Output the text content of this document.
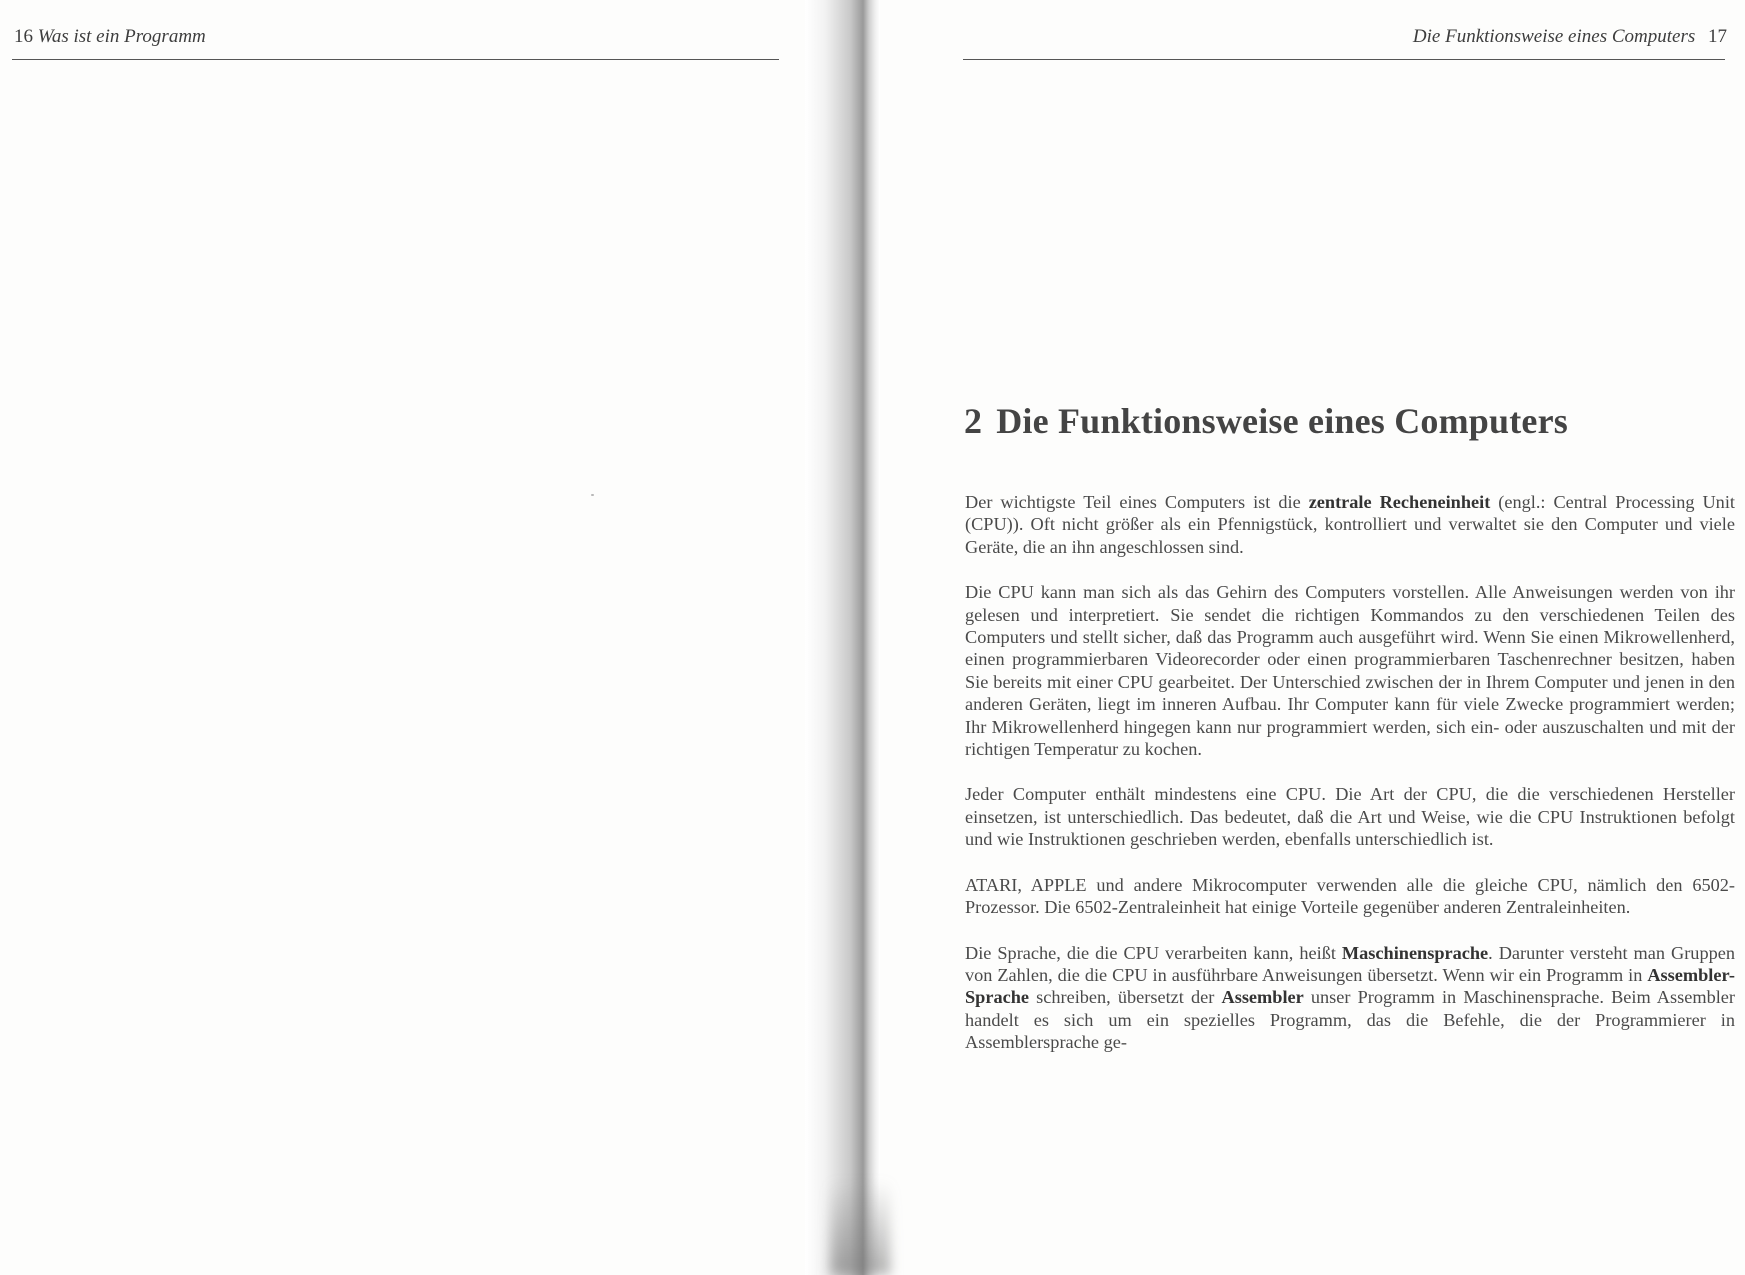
16 Was ist ein Programm	Die Funktionsweise eines Computers 17
2 Die Funktionsweise eines Computers

Der wichtigste Teil eines Computers ist die zentrale Recheneinheit (engl.: Central Processing Unit (CPU)). Oft nicht größer als ein Pfennigstück, kontrolliert und verwaltet sie den Computer und viele Geräte, die an ihn angeschlossen sind.

Die CPU kann man sich als das Gehirn des Computers vorstellen. Alle Anweisungen werden von ihr gelesen und interpretiert. Sie sendet die richtigen Kommandos zu den verschiedenen Teilen des Computers und stellt sicher, daß das Programm auch ausgeführt wird. Wenn Sie einen Mikrowellenherd, einen programmierbaren Videorecorder oder einen programmierbaren Taschenrechner besitzen, haben Sie bereits mit einer CPU gearbeitet. Der Unterschied zwischen der in Ihrem Computer und jenen in den anderen Geräten, liegt im inneren Aufbau. Ihr Computer kann für viele Zwecke programmiert werden; Ihr Mikrowellenherd hingegen kann nur programmiert werden, sich ein- oder auszuschalten und mit der richtigen Temperatur zu kochen.

Jeder Computer enthält mindestens eine CPU. Die Art der CPU, die die verschiedenen Hersteller einsetzen, ist unterschiedlich. Das bedeutet, daß die Art und Weise, wie die CPU Instruktionen befolgt und wie Instruktionen geschrieben werden, ebenfalls unterschiedlich ist.

ATARI, APPLE und andere Mikrocomputer verwenden alle die gleiche CPU, nämlich den 6502-Prozessor. Die 6502-Zentraleinheit hat einige Vorteile gegenüber anderen Zentraleinheiten.

Die Sprache, die die CPU verarbeiten kann, heißt Maschinensprache. Darunter versteht man Gruppen von Zahlen, die die CPU in ausführbare Anweisungen übersetzt. Wenn wir ein Programm in Assembler-Sprache schreiben, übersetzt der Assembler unser Programm in Maschinensprache. Beim Assembler handelt es sich um ein spezielles Programm, das die Befehle, die der Programmierer in Assemblersprache ge-
